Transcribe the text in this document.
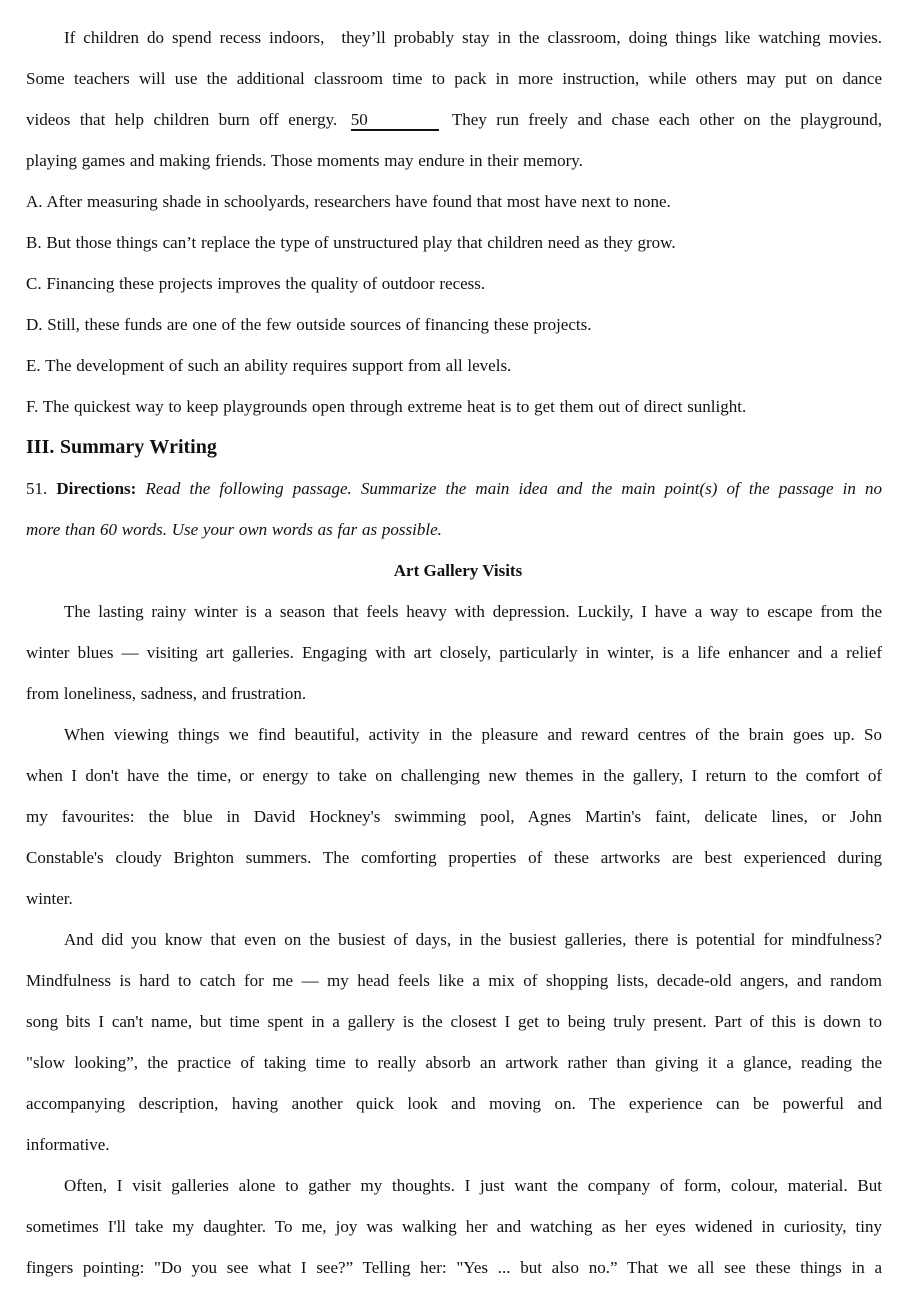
If children do spend recess indoors, they’ll probably stay in the classroom, doing things like watching movies.
Some teachers will use the additional classroom time to pack in more instruction, while others may put on dance
videos that help children burn off energy. 50	They run freely and chase each other on the playground,
playing games and making friends. Those moments may endure in their memory.
A. After measuring shade in schoolyards, researchers have found that most have next to none.
B. But those things can’t replace the type of unstructured play that children need as they grow.
C. Financing these projects improves the quality of outdoor recess.
D. Still, these funds are one of the few outside sources of financing these projects.
E. The development of such an ability requires support from all levels.
F. The quickest way to keep playgrounds open through extreme heat is to get them out of direct sunlight.
III. Summary Writing
51. Directions: Read the following passage. Summarize the main idea and the main point(s) of the passage in no
more than 60 words. Use your own words as far as possible.
Art Gallery Visits
The lasting rainy winter is a season that feels heavy with depression. Luckily, I have a way to escape from the
winter blues — visiting art galleries. Engaging with art closely, particularly in winter, is a life enhancer and a relief
from loneliness, sadness, and frustration.
When viewing things we find beautiful, activity in the pleasure and reward centres of the brain goes up. So
when I don't have the time, or energy to take on challenging new themes in the gallery, I return to the comfort of
my favourites: the blue in David Hockney's swimming pool, Agnes Martin's faint, delicate lines, or John
Constable's cloudy Brighton summers. The comforting properties of these artworks are best experienced during
winter.
And did you know that even on the busiest of days, in the busiest galleries, there is potential for mindfulness?
Mindfulness is hard to catch for me — my head feels like a mix of shopping lists, decade-old angers, and random
song bits I can't name, but time spent in a gallery is the closest I get to being truly present. Part of this is down to
"slow looking”, the practice of taking time to really absorb an artwork rather than giving it a glance, reading the
accompanying description, having another quick look and moving on. The experience can be powerful and
informative.
Often, I visit galleries alone to gather my thoughts. I just want the company of form, colour, material. But
sometimes I'll take my daughter. To me, joy was walking her and watching as her eyes widened in curiosity, tiny
fingers pointing: "Do you see what I see?” Telling her: "Yes ... but also no.” That we all see these things in a
